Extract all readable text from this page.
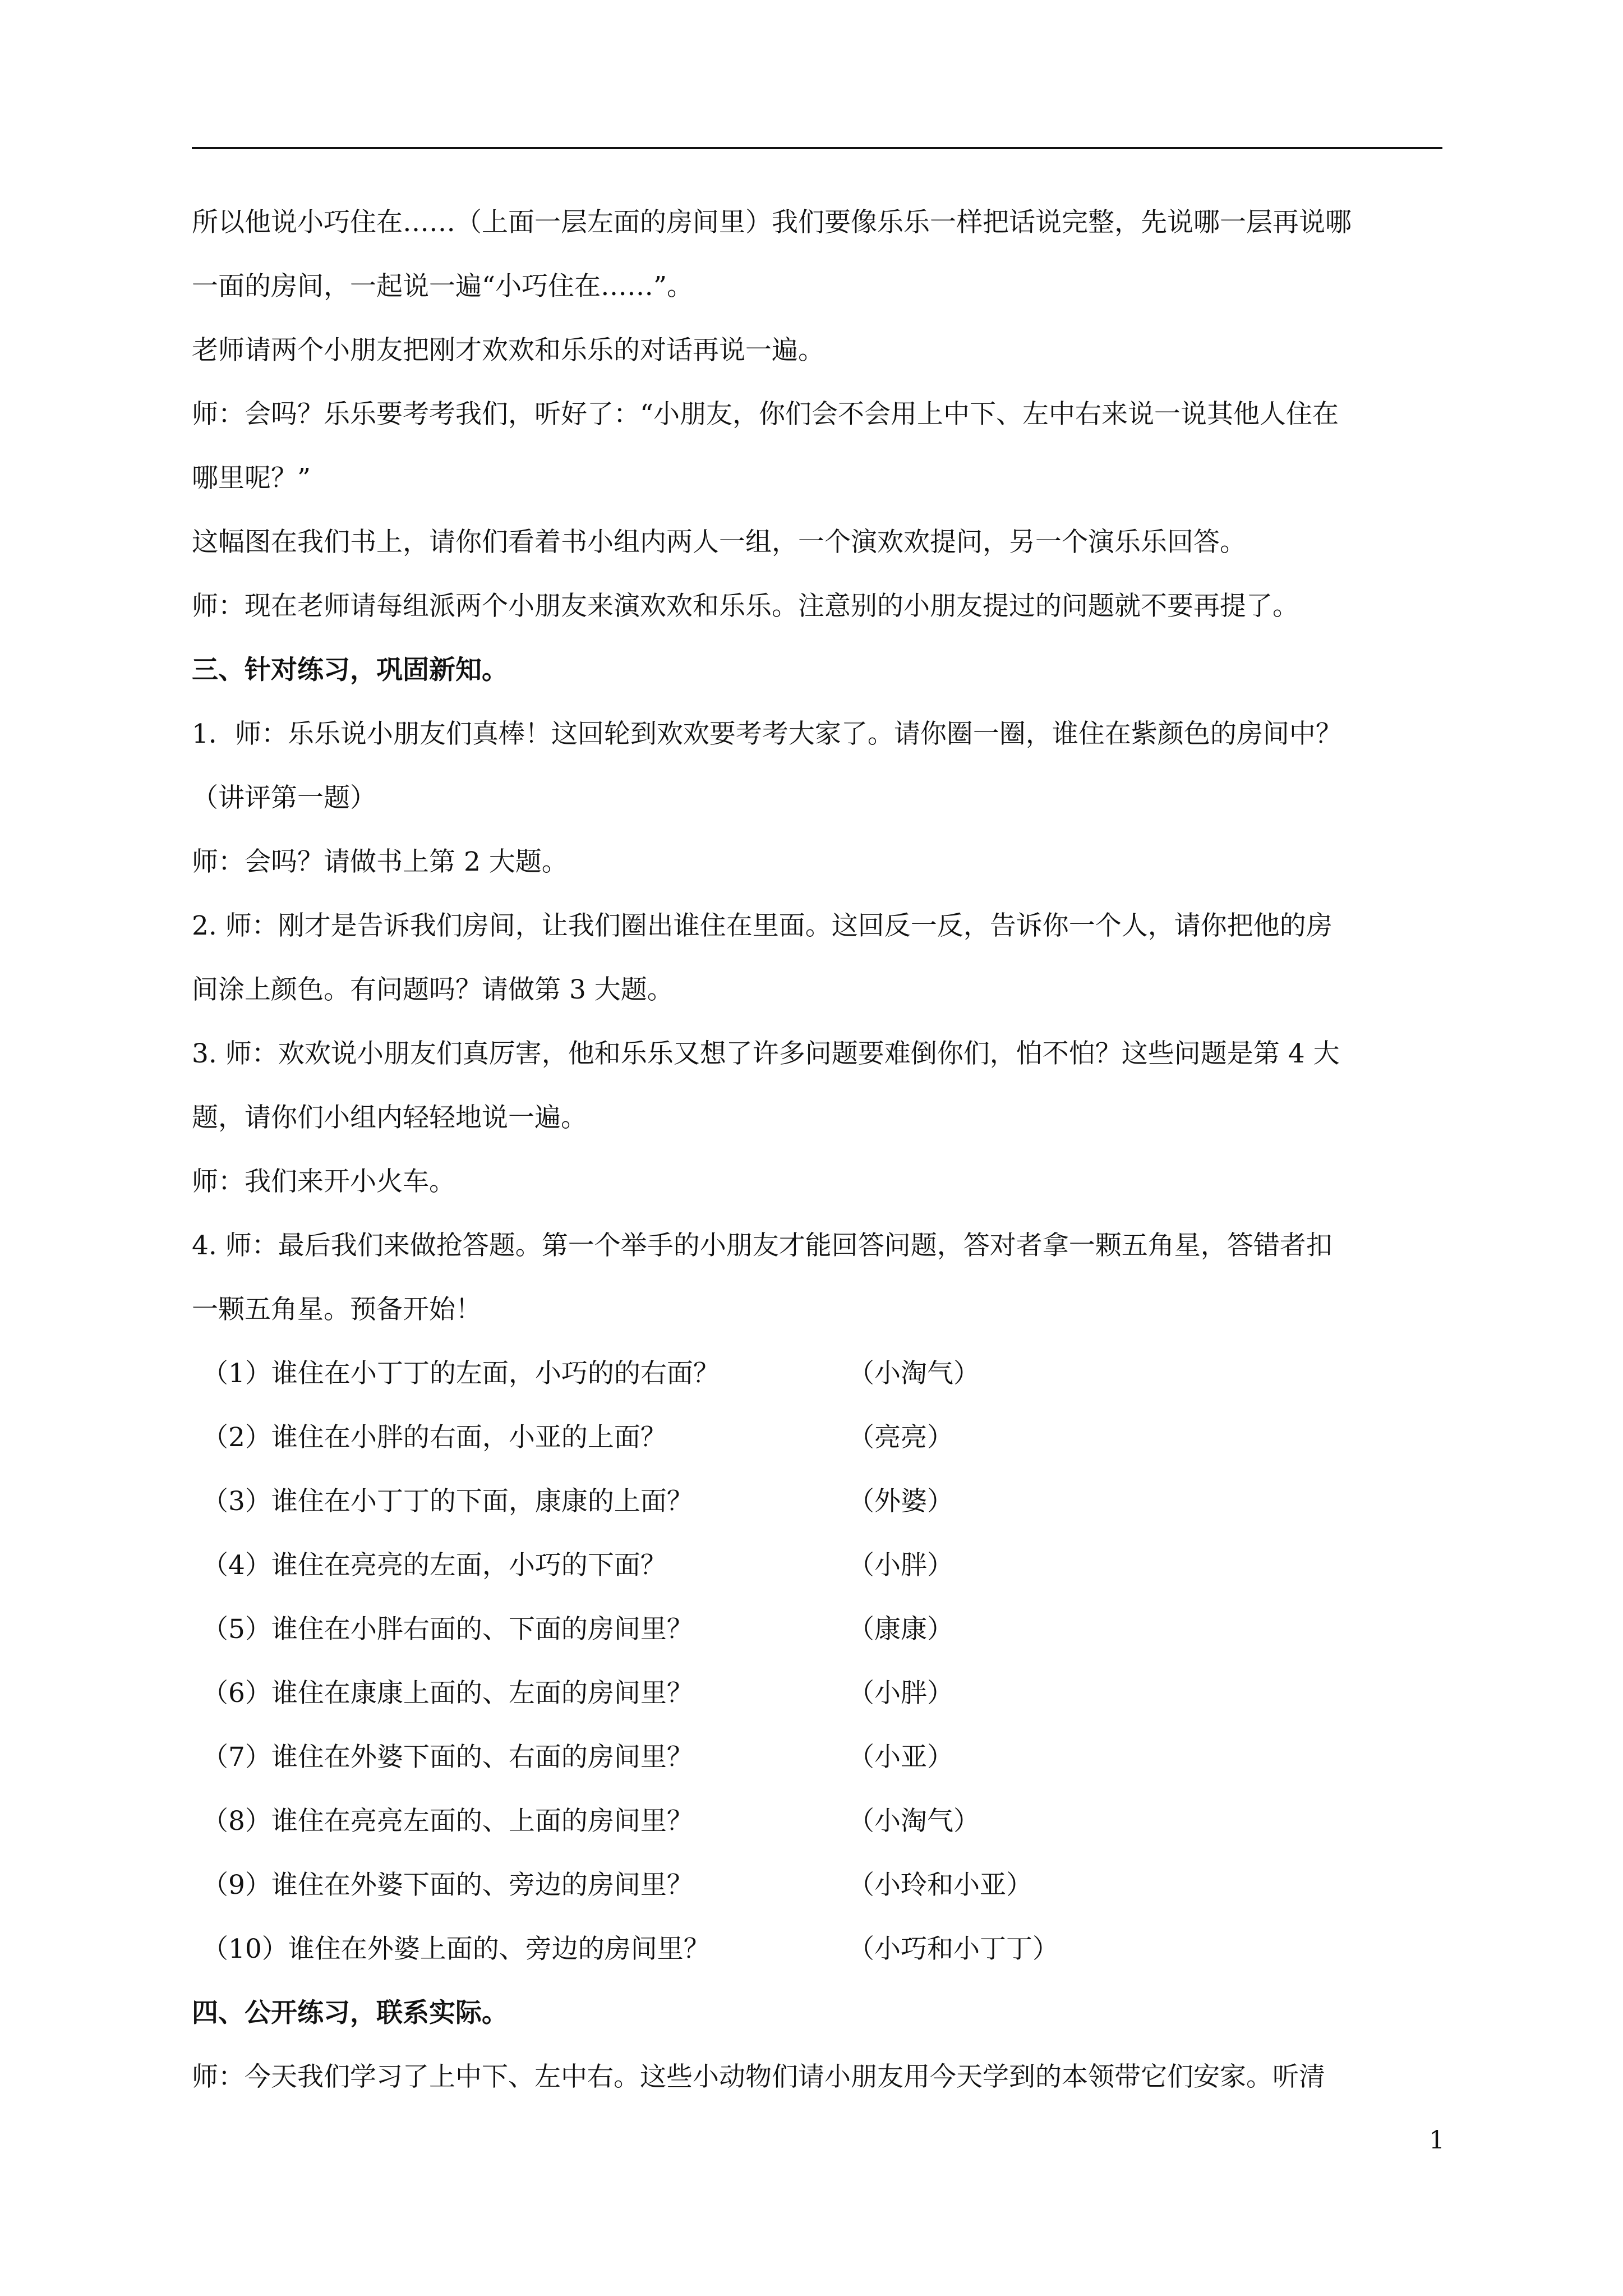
所以他说小巧住在……（上面一层左面的房间里）我们要像乐乐一样把话说完整，先说哪一层再说哪
一面的房间，一起说一遍“小巧住在……”。

老师请两个小朋友把刚才欢欢和乐乐的对话再说一遍。

师：会吗？乐乐要考考我们，听好了：“小朋友，你们会不会用上中下、左中右来说一说其他人住在
哪里呢？”

这幅图在我们书上，请你们看着书小组内两人一组，一个演欢欢提问，另一个演乐乐回答。

师：现在老师请每组派两个小朋友来演欢欢和乐乐。注意别的小朋友提过的问题就不要再提了。

三、针对练习，巩固新知。

1．师：乐乐说小朋友们真棒！这回轮到欢欢要考考大家了。请你圈一圈，谁住在紫颜色的房间中？
（讲评第一题）

师：会吗？请做书上第 2 大题。

2. 师：刚才是告诉我们房间，让我们圈出谁住在里面。这回反一反，告诉你一个人，请你把他的房
间涂上颜色。有问题吗？请做第 3 大题。

3. 师：欢欢说小朋友们真厉害，他和乐乐又想了许多问题要难倒你们，怕不怕？这些问题是第 4 大
题，请你们小组内轻轻地说一遍。

师：我们来开小火车。

4. 师：最后我们来做抢答题。第一个举手的小朋友才能回答问题，答对者拿一颗五角星，答错者扣
一颗五角星。预备开始！

（1）谁住在小丁丁的左面，小巧的的右面？	（小淘气）
（2）谁住在小胖的右面，小亚的上面？	（亮亮）
（3）谁住在小丁丁的下面，康康的上面？	（外婆）
（4）谁住在亮亮的左面，小巧的下面？	（小胖）
（5）谁住在小胖右面的、下面的房间里？	（康康）
（6）谁住在康康上面的、左面的房间里？	（小胖）
（7）谁住在外婆下面的、右面的房间里？	（小亚）
（8）谁住在亮亮左面的、上面的房间里？	（小淘气）
（9）谁住在外婆下面的、旁边的房间里？	（小玲和小亚）
（10）谁住在外婆上面的、旁边的房间里？	（小巧和小丁丁）

四、公开练习，联系实际。

师：今天我们学习了上中下、左中右。这些小动物们请小朋友用今天学到的本领带它们安家。听清

1
